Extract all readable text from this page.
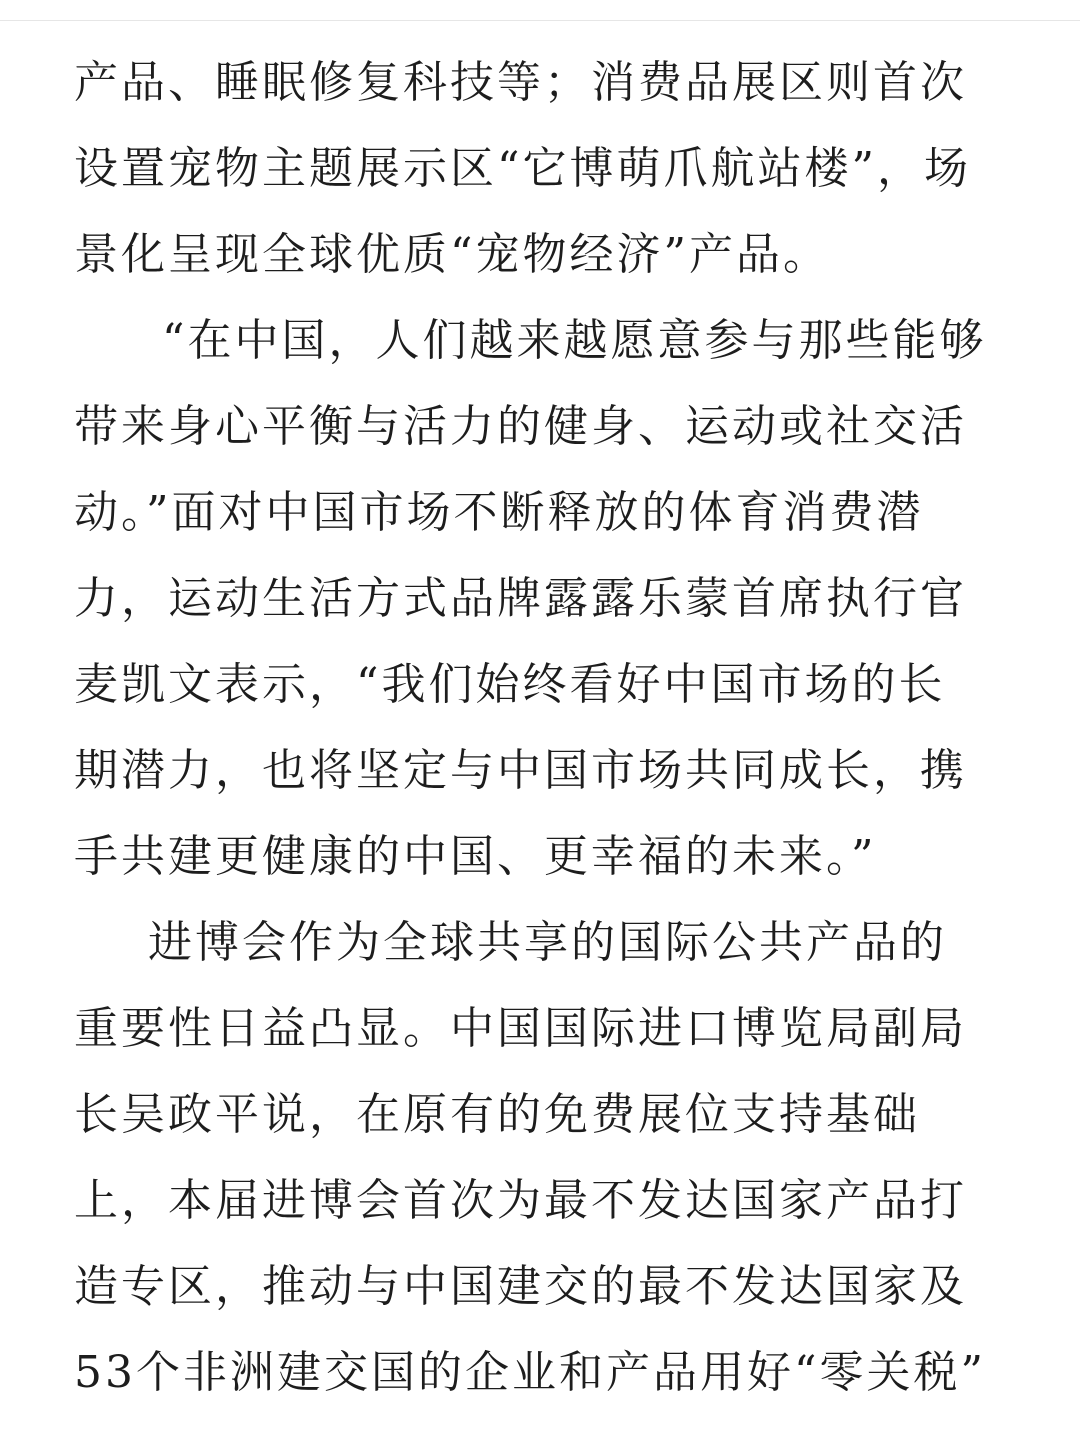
产品、睡眠修复科技等；消费品展区则首次
设置宠物主题展示区“它博萌爪航站楼”，场
景化呈现全球优质“宠物经济”产品。
“在中国，人们越来越愿意参与那些能够
带来身心平衡与活力的健身、运动或社交活
动。”面对中国市场不断释放的体育消费潜
力，运动生活方式品牌露露乐蒙首席执行官
麦凯文表示，“我们始终看好中国市场的长
期潜力，也将坚定与中国市场共同成长，携
手共建更健康的中国、更幸福的未来。”
进博会作为全球共享的国际公共产品的
重要性日益凸显。中国国际进口博览局副局
长吴政平说，在原有的免费展位支持基础
上，本届进博会首次为最不发达国家产品打
造专区，推动与中国建交的最不发达国家及
53个非洲建交国的企业和产品用好“零关税”
